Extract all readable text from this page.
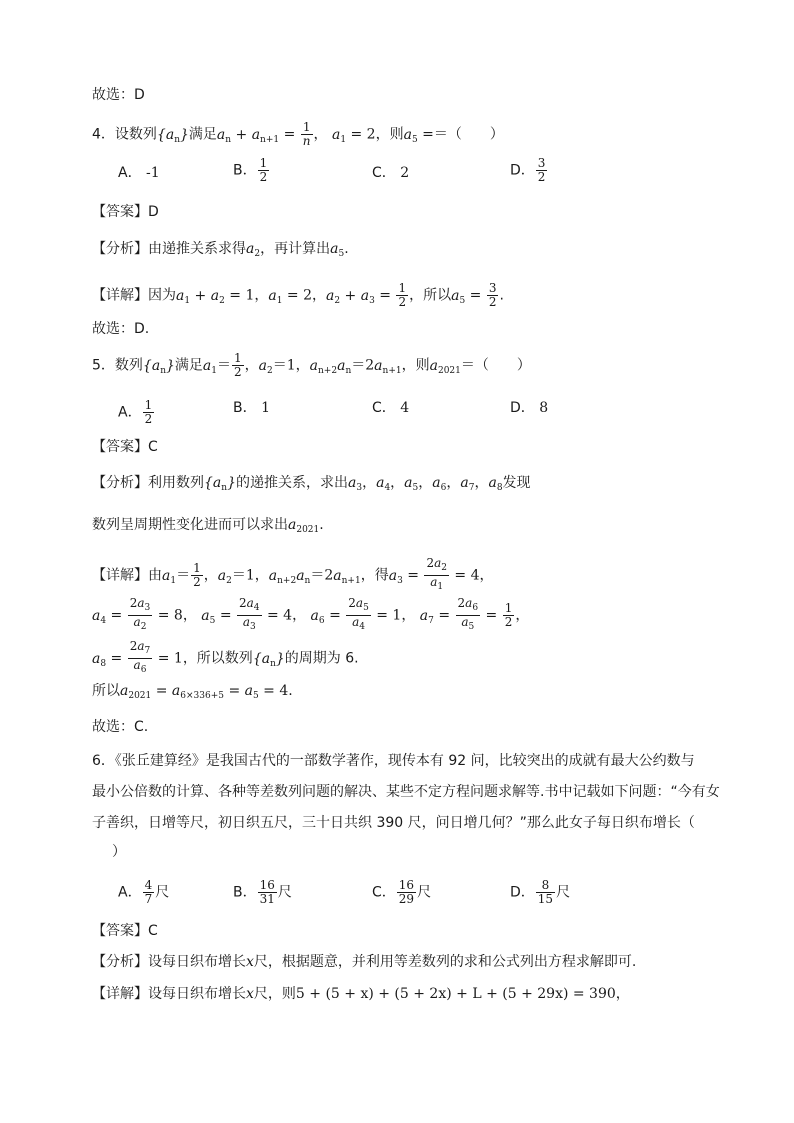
故选：D
4．设数列$\{a_n\}$满足$a_n + a_{n+1} = \frac{1}{n}$ ， $a_1 = 2$，则$a_5$ =＝（　　）
A． -1	B． $\frac{1}{2}$	C． 2	D． $\frac{3}{2}$
【答案】D
【分析】由递推关系求得$a_2$，再计算出$a_5$.
【详解】因为$a_1 + a_2 = 1$，$a_1 = 2$，$a_2 + a_3 = \frac{1}{2}$ ，所以$a_5 = \frac{3}{2}$ .
故选：D.
5．数列$\{a_n\}$满足$a_1= \frac{1}{2}$ ，$a_2=1$，$a_{n+2}a_n=2a_{n+1}$，则$a_{2021}=$（　　）
A． $\frac{1}{2}$	B． 1	C． 4	D． 8
【答案】C
【分析】利用数列$\{a_n\}$的递推关系，求出$a_3$，$a_4$，$a_5$，$a_6$，$a_7$，$a_8$发现
数列呈周期性变化进而可以求出$a_{2021}$.
【详解】由$a_1= \frac{1}{2}$ ，$a_2=1$，$a_{n+2}a_n=2a_{n+1}$，得$a_3 = \frac{2a_2}{a_1} = 4$，
$a_4 = \frac{2a_3}{a_2} = 8$， $a_5 = \frac{2a_4}{a_3} = 4$， $a_6 = \frac{2a_5}{a_4} = 1$， $a_7 = \frac{2a_6}{a_5} = \frac{1}{2}$ ，
$a_8 = \frac{2a_7}{a_6} = 1$，所以数列$\{a_n\}$的周期为 6.
所以$a_{2021} = a_{6\times 336+5} = a_5 = 4$.
故选：C.
6．《张丘建算经》是我国古代的一部数学著作，现传本有 92 问，比较突出的成就有最大公约数与
最小公倍数的计算、各种等差数列问题的解决、某些不定方程问题求解等.书中记载如下问题：“今有女
子善织，日增等尺，初日织五尺，三十日共织 390 尺，问日增几何？”那么此女子每日织布增长（
）
A． $\frac{4}{7}$ 尺	B． $\frac{16}{31}$ 尺	C． $\frac{16}{29}$ 尺	D． $\frac{8}{15}$ 尺
【答案】C
【分析】设每日织布增长x尺，根据题意，并利用等差数列的求和公式列出方程求解即可.
【详解】设每日织布增长x尺，则5 + (5 + x) + (5 + 2x) + L + (5 + 29x) = 390，
